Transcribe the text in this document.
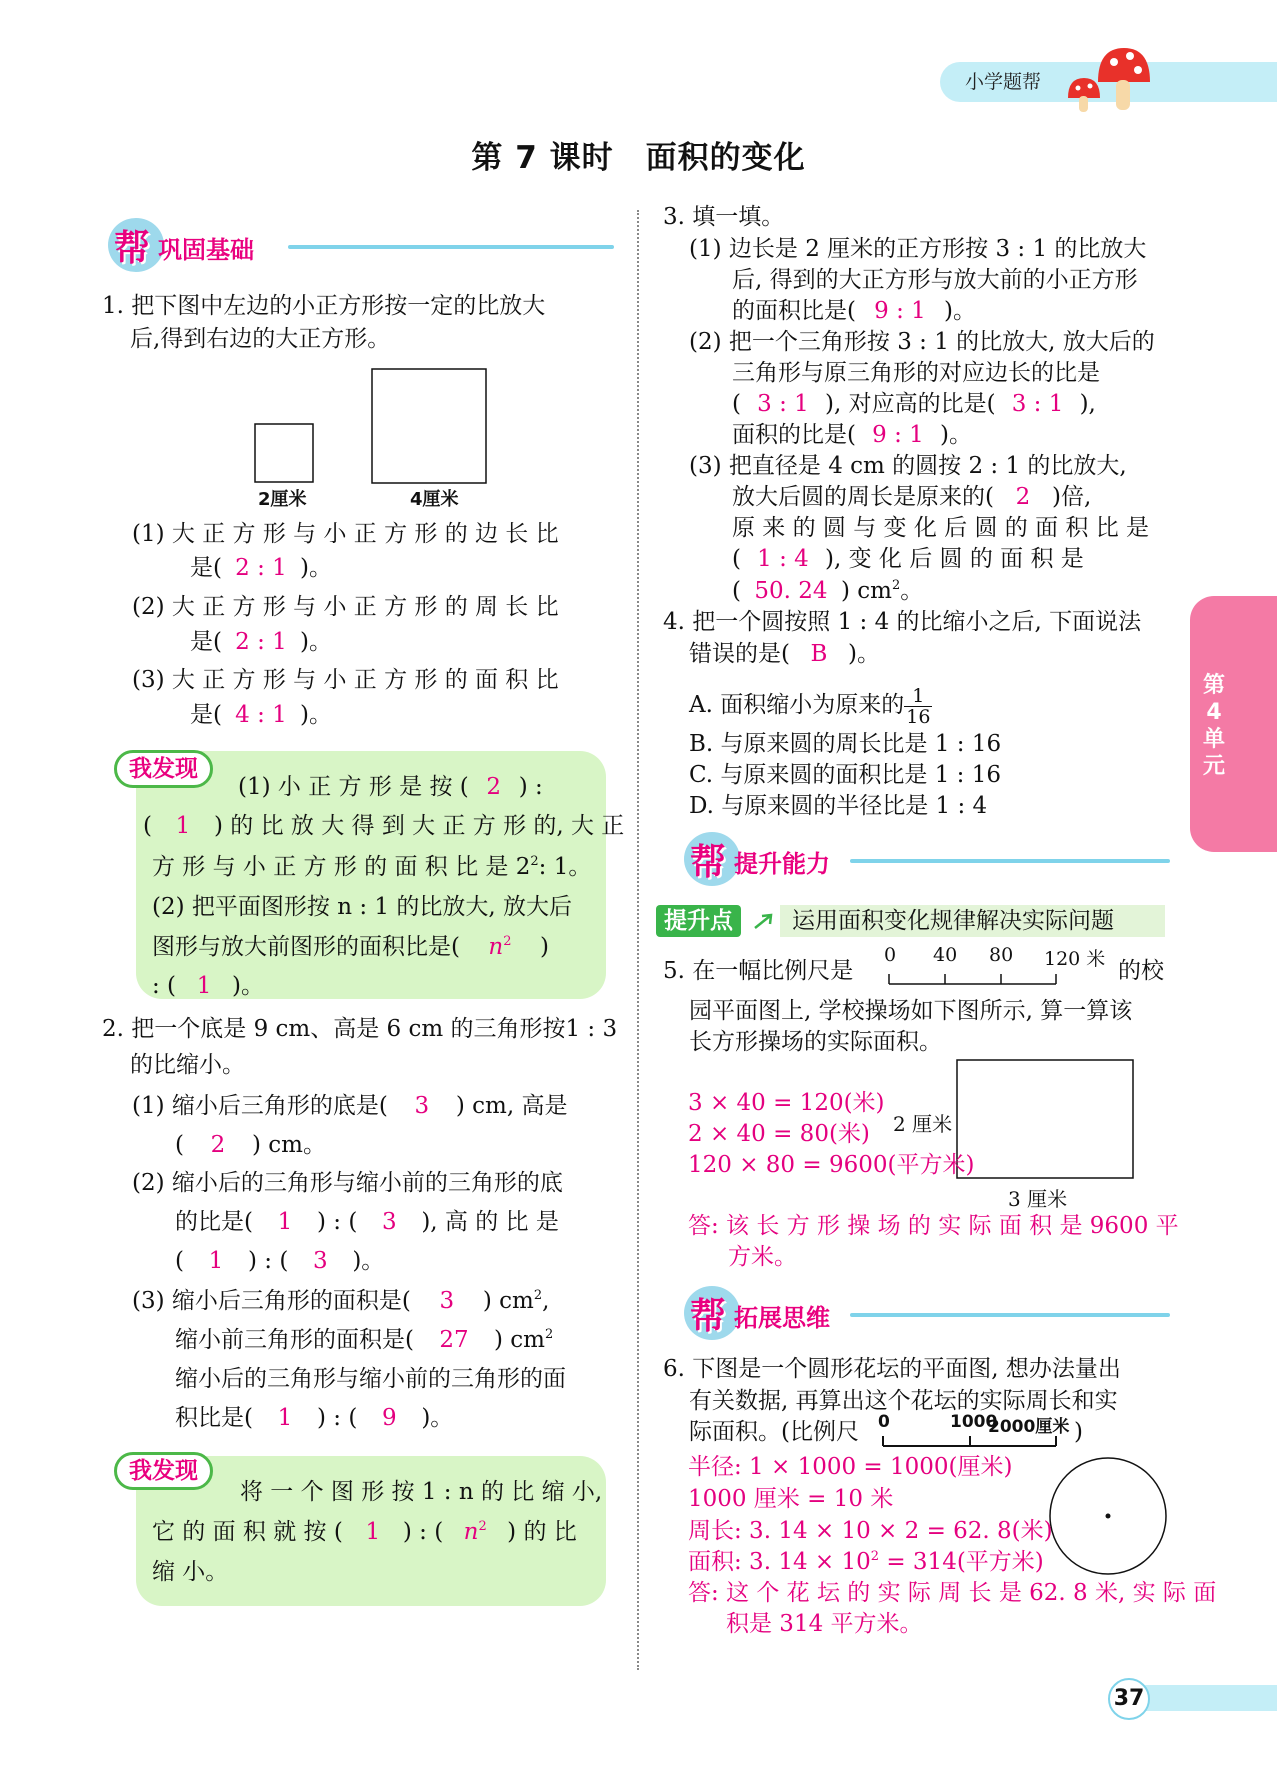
小学题帮
第 7 课时　面积的变化
帮 巩固基础
1. 把下图中左边的小正方形按一定的比放大
后,得到右边的大正方形。
2厘米	4厘米
(1) 大 正 方 形 与 小 正 方 形 的 边 长 比
是( 2 : 1 )。
(2) 大 正 方 形 与 小 正 方 形 的 周 长 比
是( 2 : 1 )。
(3) 大 正 方 形 与 小 正 方 形 的 面 积 比
是( 4 : 1 )。
我发现
(1) 小 正 方 形 是 按 ( 2 ) :
( 1 ) 的 比 放 大 得 到 大 正 方 形 的, 大 正
方 形 与 小 正 方 形 的 面 积 比 是 $2^2$: 1。
(2) 把平面图形按 n : 1 的比放大, 放大后
图形与放大前图形的面积比是( $n^2$ )
: ( 1 )。
2. 把一个底是 9 cm、高是 6 cm 的三角形按1 : 3
的比缩小。
(1) 缩小后三角形的底是( 3 ) cm, 高是
( 2 ) cm。
(2) 缩小后的三角形与缩小前的三角形的底
的比是( 1 ) : ( 3 ), 高 的 比 是
( 1 ) : ( 3 )。
(3) 缩小后三角形的面积是( 3 ) $cm^2$,
缩小前三角形的面积是( 27 ) $cm^2$
缩小后的三角形与缩小前的三角形的面
积比是( 1 ) : ( 9 )。
我发现
将 一 个 图 形 按 1 : n 的 比 缩 小,
它 的 面 积 就 按 ( 1 ) : ( $n^2$ ) 的 比
缩 小。
3. 填一填。
(1) 边长是 2 厘米的正方形按 3 : 1 的比放大
后, 得到的大正方形与放大前的小正方形
的面积比是( 9 : 1 )。
(2) 把一个三角形按 3 : 1 的比放大, 放大后的
三角形与原三角形的对应边长的比是
( 3 : 1 ), 对应高的比是( 3 : 1 ),
面积的比是( 9 : 1 )。
(3) 把直径是 4 cm 的圆按 2 : 1 的比放大,
放大后圆的周长是原来的( 2 )倍,
原 来 的 圆 与 变 化 后 圆 的 面 积 比 是
( 1 : 4 ), 变 化 后 圆 的 面 积 是
( 50. 24 ) $cm^2$。
4. 把一个圆按照 1 : 4 的比缩小之后, 下面说法
错误的是( B )。
A. 面积缩小为原来的 $\frac{1}{16}$
B. 与原来圆的周长比是 1 : 16
C. 与原来圆的面积比是 1 : 16
D. 与原来圆的半径比是 1 : 4
帮 提升能力
提升点	运用面积变化规律解决实际问题
5. 在一幅比例尺是
0 40 80 120 米 的校
园平面图上, 学校操场如下图所示, 算一算该
长方形操场的实际面积。
2 厘米
3 厘米
3 × 40 = 120(米)
2 × 40 = 80(米)
120 × 80 = 9600(平方米)
答: 该 长 方 形 操 场 的 实 际 面 积 是 9600 平
方米。
帮 拓展思维
6. 下图是一个圆形花坛的平面图, 想办法量出
有关数据, 再算出这个花坛的实际周长和实
际面积。(比例尺 0	1000
2000厘米 )
半径: 1 × 1000 = 1000(厘米)
1000 厘米 = 10 米
周长: 3. 14 × 10 × 2 = 62. 8(米)
面积: 3. $14 \times 10^2 = 314$(平方米)
答: 这 个 花 坛 的 实 际 周 长 是 62. 8 米, 实 际 面
积是 314 平方米。
第4单元
37
